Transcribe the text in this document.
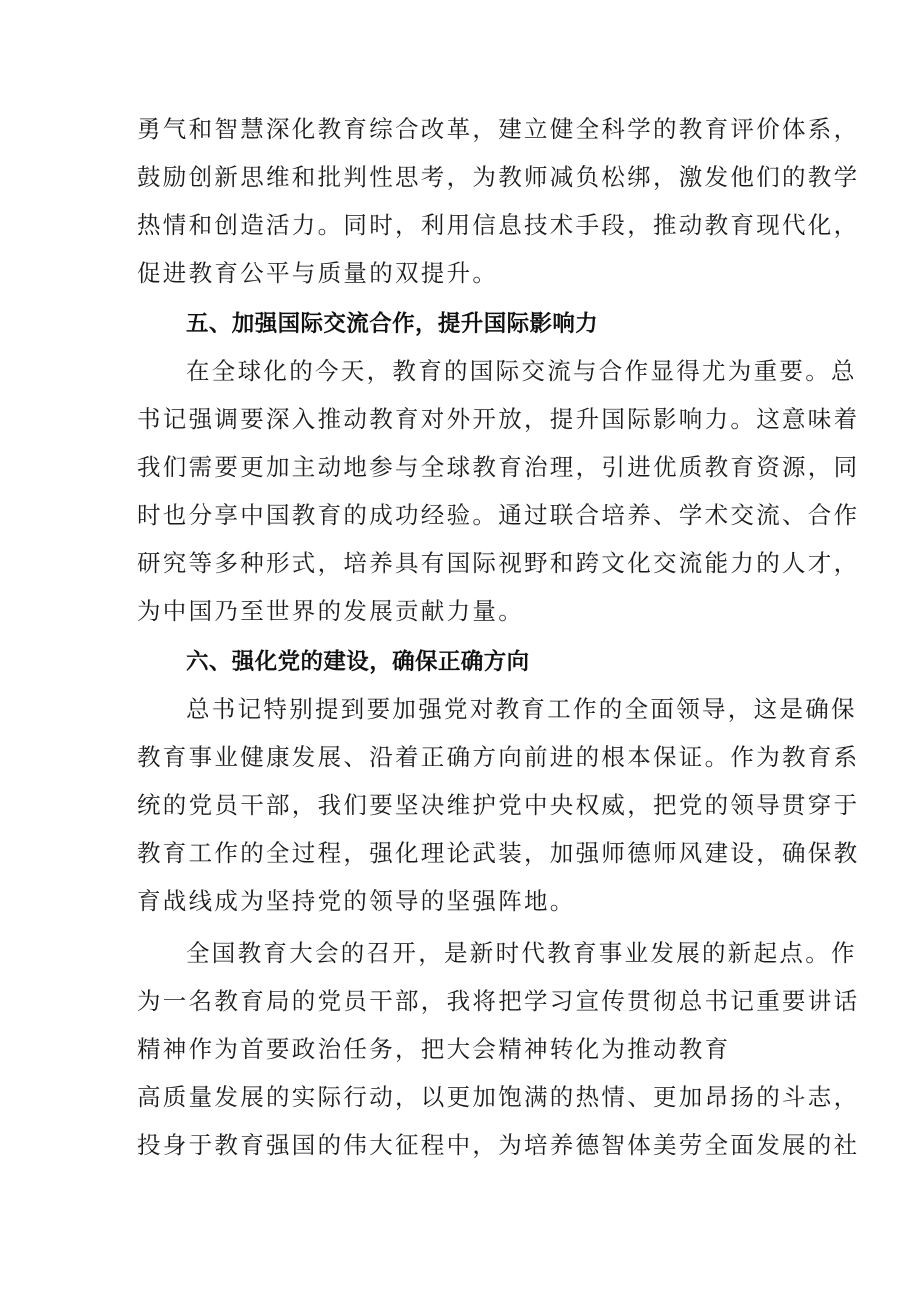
勇气和智慧深化教育综合改革，建立健全科学的教育评价体系，

鼓励创新思维和批判性思考，为教师减负松绑，激发他们的教学

热情和创造活力。同时，利用信息技术手段，推动教育现代化，

促进教育公平与质量的双提升。

五、加强国际交流合作，提升国际影响力

在全球化的今天，教育的国际交流与合作显得尤为重要。总

书记强调要深入推动教育对外开放，提升国际影响力。这意味着

我们需要更加主动地参与全球教育治理，引进优质教育资源，同

时也分享中国教育的成功经验。通过联合培养、学术交流、合作

研究等多种形式，培养具有国际视野和跨文化交流能力的人才，

为中国乃至世界的发展贡献力量。

六、强化党的建设，确保正确方向

总书记特别提到要加强党对教育工作的全面领导，这是确保

教育事业健康发展、沿着正确方向前进的根本保证。作为教育系

统的党员干部，我们要坚决维护党中央权威，把党的领导贯穿于

教育工作的全过程，强化理论武装，加强师德师风建设，确保教

育战线成为坚持党的领导的坚强阵地。

全国教育大会的召开，是新时代教育事业发展的新起点。作

为一名教育局的党员干部，我将把学习宣传贯彻总书记重要讲话

精神作为首要政治任务，把大会精神转化为推动教育

高质量发展的实际行动，以更加饱满的热情、更加昂扬的斗志，

投身于教育强国的伟大征程中，为培养德智体美劳全面发展的社
